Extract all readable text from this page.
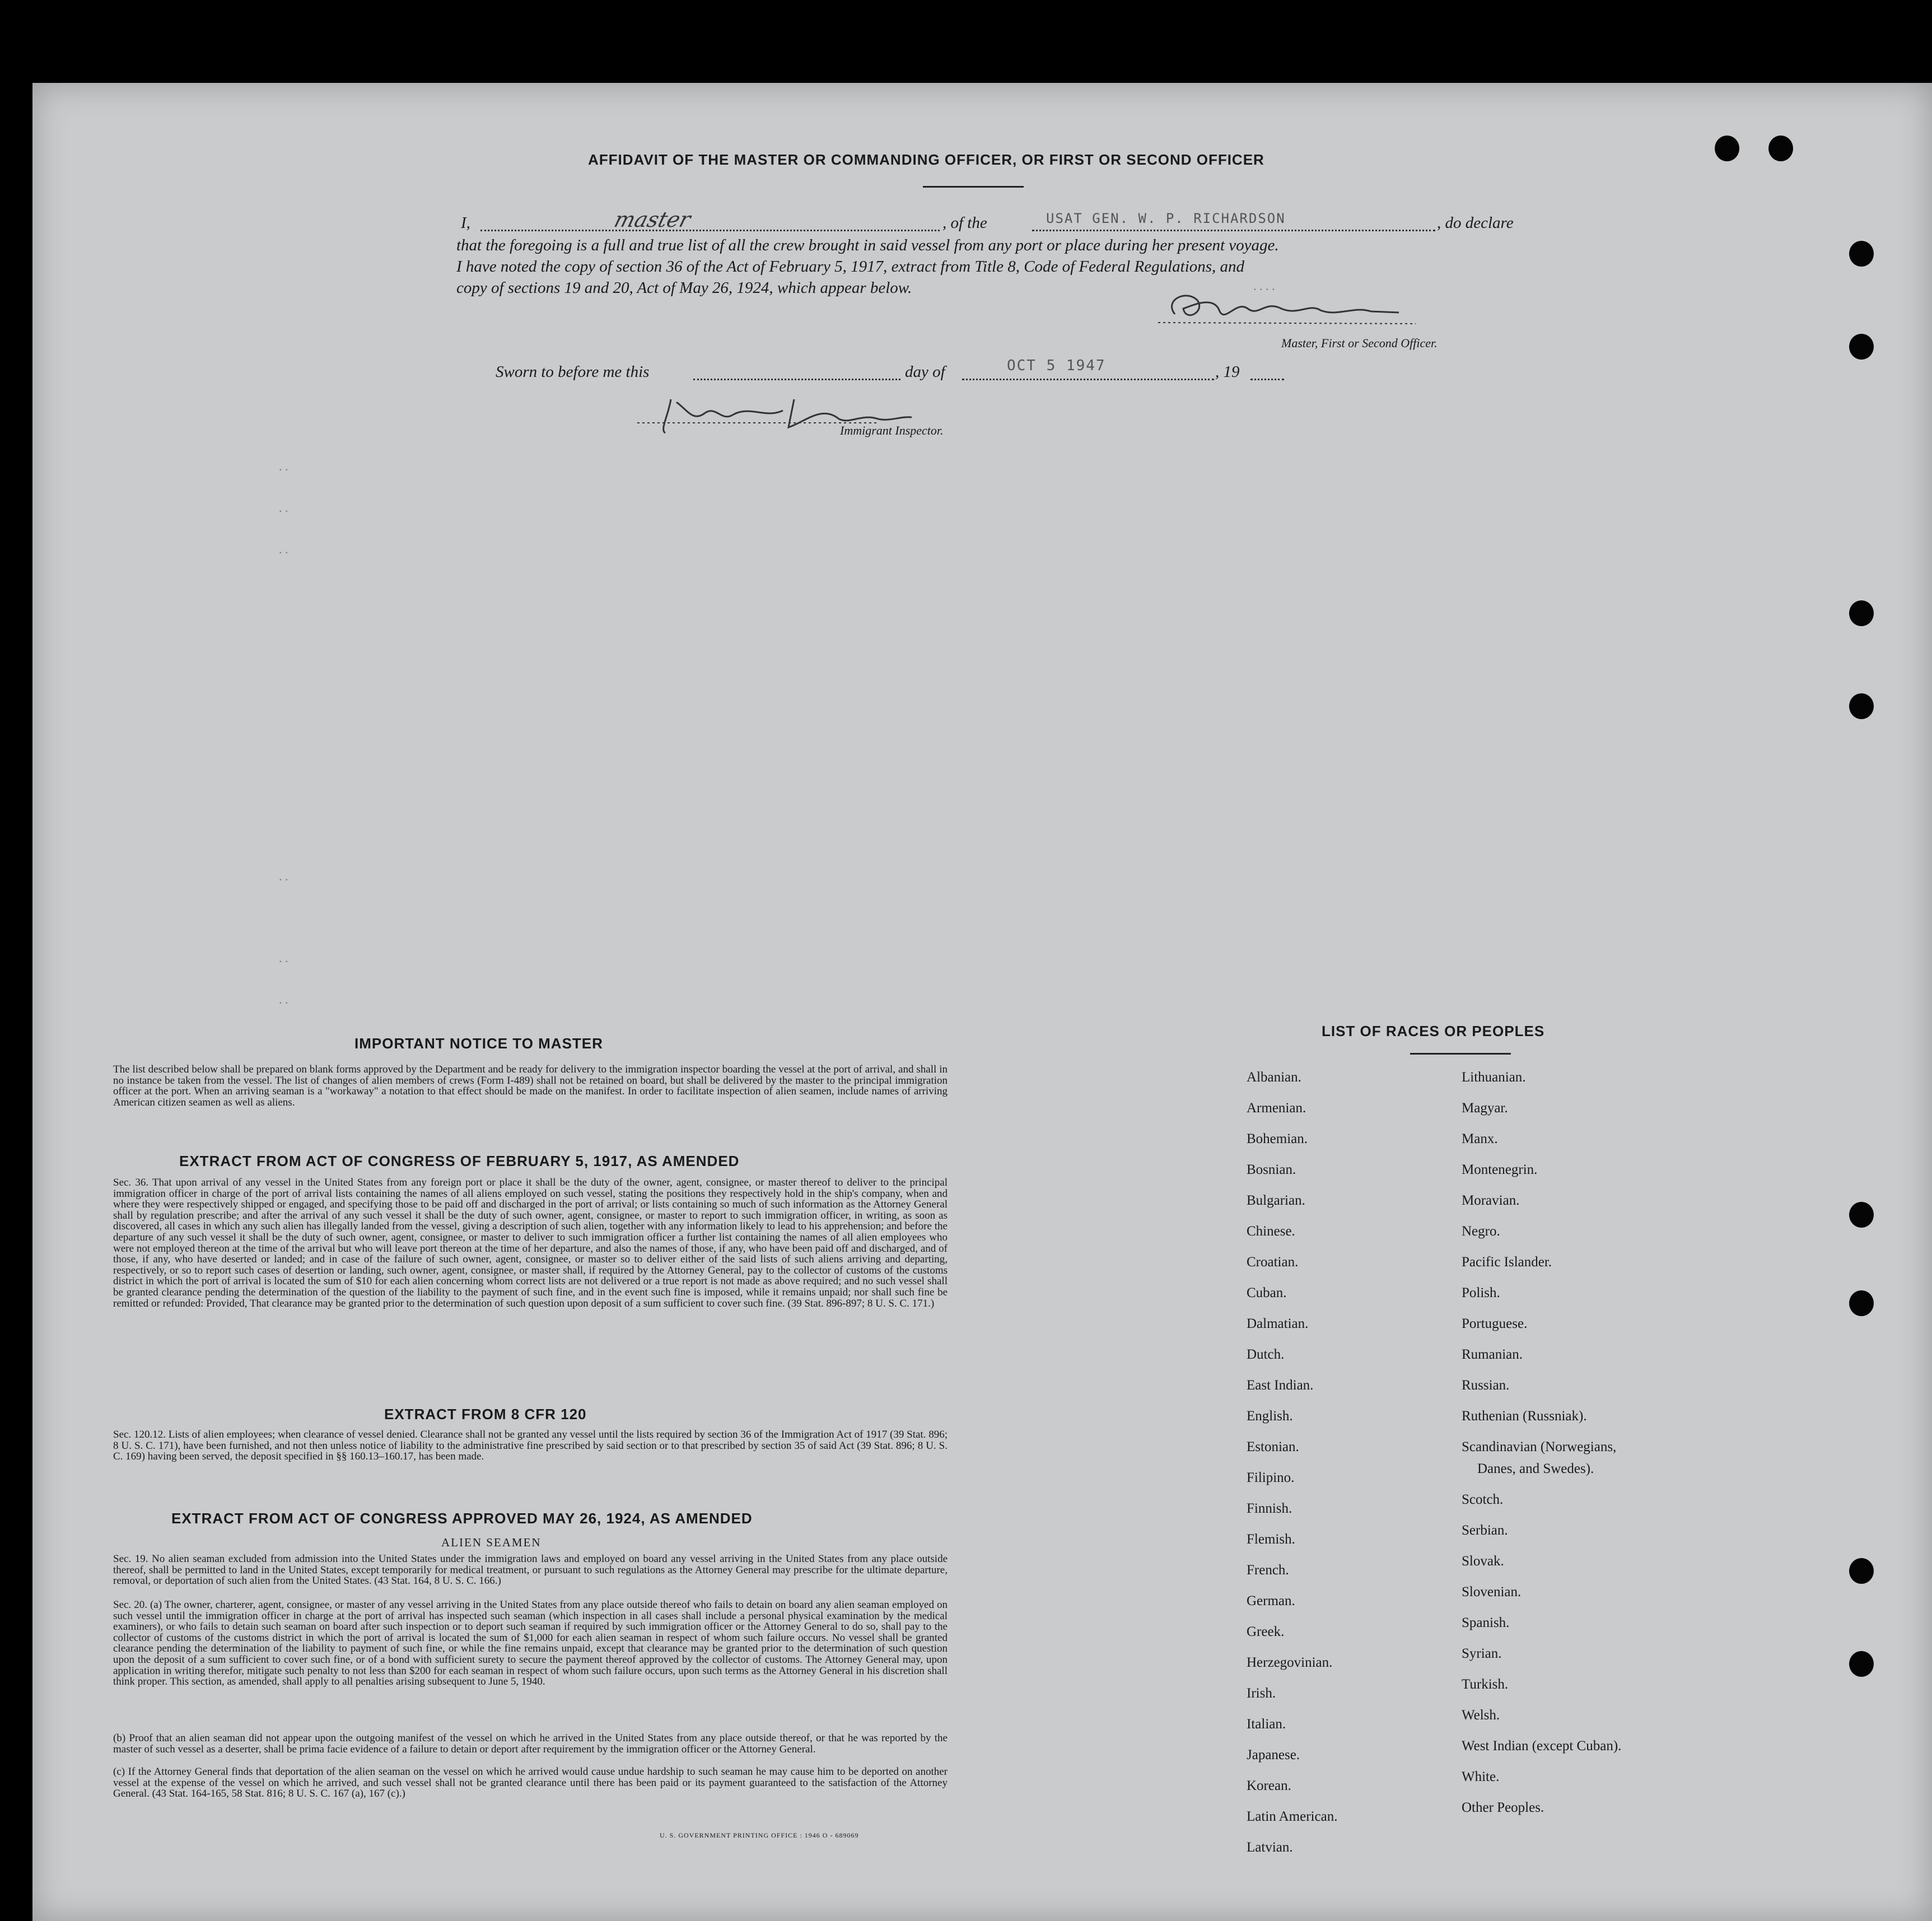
AFFIDAVIT OF THE MASTER OR COMMANDING OFFICER, OR FIRST OR SECOND OFFICER
I,	master	, of the	USAT GEN. W. P. RICHARDSON	, do declare
that the foregoing is a full and true list of all the crew brought in said vessel from any port or place during her present voyage.
I have noted the copy of section 36 of the Act of February 5, 1917, extract from Title 8, Code of Federal Regulations, and
copy of sections 19 and 20, Act of May 26, 1924, which appear below.
Master, First or Second Officer.
Sworn to before me this	day of	OCT 5 1947	, 19
Immigrant Inspector.
. .
. .
. .
. .
. .
. .
. . . .
IMPORTANT NOTICE TO MASTER
The list described below shall be prepared on blank forms approved by the Department and be ready for delivery to the immigration inspector boarding the vessel at the port of arrival, and shall in no instance be taken from the vessel. The list of changes of alien members of crews (Form I-489) shall not be retained on board, but shall be delivered by the master to the principal immigration officer at the port. When an arriving seaman is a "workaway" a notation to that effect should be made on the manifest. In order to facilitate inspection of alien seamen, include names of arriving American citizen seamen as well as aliens.
EXTRACT FROM ACT OF CONGRESS OF FEBRUARY 5, 1917, AS AMENDED
Sec. 36. That upon arrival of any vessel in the United States from any foreign port or place it shall be the duty of the owner, agent, consignee, or master thereof to deliver to the principal immigration officer in charge of the port of arrival lists containing the names of all aliens employed on such vessel, stating the positions they respectively hold in the ship's company, when and where they were respectively shipped or engaged, and specifying those to be paid off and discharged in the port of arrival; or lists containing so much of such information as the Attorney General shall by regulation prescribe; and after the arrival of any such vessel it shall be the duty of such owner, agent, consignee, or master to report to such immigration officer, in writing, as soon as discovered, all cases in which any such alien has illegally landed from the vessel, giving a description of such alien, together with any information likely to lead to his apprehension; and before the departure of any such vessel it shall be the duty of such owner, agent, consignee, or master to deliver to such immigration officer a further list containing the names of all alien employees who were not employed thereon at the time of the arrival but who will leave port thereon at the time of her departure, and also the names of those, if any, who have been paid off and discharged, and of those, if any, who have deserted or landed; and in case of the failure of such owner, agent, consignee, or master so to deliver either of the said lists of such aliens arriving and departing, respectively, or so to report such cases of desertion or landing, such owner, agent, consignee, or master shall, if required by the Attorney General, pay to the collector of customs of the customs district in which the port of arrival is located the sum of $10 for each alien concerning whom correct lists are not delivered or a true report is not made as above required; and no such vessel shall be granted clearance pending the determination of the question of the liability to the payment of such fine, and in the event such fine is imposed, while it remains unpaid; nor shall such fine be remitted or refunded: Provided, That clearance may be granted prior to the determination of such question upon deposit of a sum sufficient to cover such fine. (39 Stat. 896-897; 8 U. S. C. 171.)
EXTRACT FROM 8 CFR 120
Sec. 120.12. Lists of alien employees; when clearance of vessel denied. Clearance shall not be granted any vessel until the lists required by section 36 of the Immigration Act of 1917 (39 Stat. 896; 8 U. S. C. 171), have been furnished, and not then unless notice of liability to the administrative fine prescribed by said section or to that prescribed by section 35 of said Act (39 Stat. 896; 8 U. S. C. 169) having been served, the deposit specified in §§ 160.13–160.17, has been made.
EXTRACT FROM ACT OF CONGRESS APPROVED MAY 26, 1924, AS AMENDED
ALIEN SEAMEN
Sec. 19. No alien seaman excluded from admission into the United States under the immigration laws and employed on board any vessel arriving in the United States from any place outside thereof, shall be permitted to land in the United States, except temporarily for medical treatment, or pursuant to such regulations as the Attorney General may prescribe for the ultimate departure, removal, or deportation of such alien from the United States. (43 Stat. 164, 8 U. S. C. 166.)
Sec. 20. (a) The owner, charterer, agent, consignee, or master of any vessel arriving in the United States from any place outside thereof who fails to detain on board any alien seaman employed on such vessel until the immigration officer in charge at the port of arrival has inspected such seaman (which inspection in all cases shall include a personal physical examination by the medical examiners), or who fails to detain such seaman on board after such inspection or to deport such seaman if required by such immigration officer or the Attorney General to do so, shall pay to the collector of customs of the customs district in which the port of arrival is located the sum of $1,000 for each alien seaman in respect of whom such failure occurs. No vessel shall be granted clearance pending the determination of the liability to payment of such fine, or while the fine remains unpaid, except that clearance may be granted prior to the determination of such question upon the deposit of a sum sufficient to cover such fine, or of a bond with sufficient surety to secure the payment thereof approved by the collector of customs. The Attorney General may, upon application in writing therefor, mitigate such penalty to not less than $200 for each seaman in respect of whom such failure occurs, upon such terms as the Attorney General in his discretion shall think proper. This section, as amended, shall apply to all penalties arising subsequent to June 5, 1940.
(b) Proof that an alien seaman did not appear upon the outgoing manifest of the vessel on which he arrived in the United States from any place outside thereof, or that he was reported by the master of such vessel as a deserter, shall be prima facie evidence of a failure to detain or deport after requirement by the immigration officer or the Attorney General.
(c) If the Attorney General finds that deportation of the alien seaman on the vessel on which he arrived would cause undue hardship to such seaman he may cause him to be deported on another vessel at the expense of the vessel on which he arrived, and such vessel shall not be granted clearance until there has been paid or its payment guaranteed to the satisfaction of the Attorney General. (43 Stat. 164-165, 58 Stat. 816; 8 U. S. C. 167 (a), 167 (c).)
U. S. GOVERNMENT PRINTING OFFICE : 1946 O - 689069
LIST OF RACES OR PEOPLES
Albanian.
Armenian.
Bohemian.
Bosnian.
Bulgarian.
Chinese.
Croatian.
Cuban.
Dalmatian.
Dutch.
East Indian.
English.
Estonian.
Filipino.
Finnish.
Flemish.
French.
German.
Greek.
Herzegovinian.
Irish.
Italian.
Japanese.
Korean.
Latin American.
Latvian.
Lithuanian.
Magyar.
Manx.
Montenegrin.
Moravian.
Negro.
Pacific Islander.
Polish.
Portuguese.
Rumanian.
Russian.
Ruthenian (Russniak).
Scandinavian (Norwegians,
Danes, and Swedes).
Scotch.
Serbian.
Slovak.
Slovenian.
Spanish.
Syrian.
Turkish.
Welsh.
West Indian (except Cuban).
White.
Other Peoples.
